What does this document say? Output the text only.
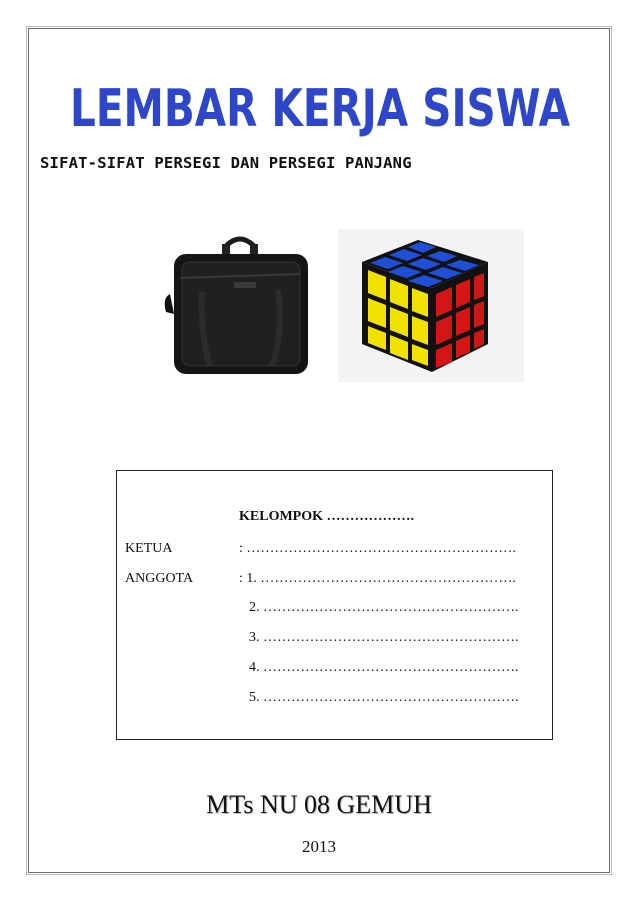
LEMBAR KERJA SISWA
SIFAT-SIFAT PERSEGI DAN PERSEGI PANJANG
KELOMPOK ……………….
KETUA	: ………………………………………………….
ANGGOTA	: 1. ……………………………………………….
2. ……………………………………………….
3. ……………………………………………….
4. ……………………………………………….
5. ……………………………………………….
MTs NU 08 GEMUH
2013
